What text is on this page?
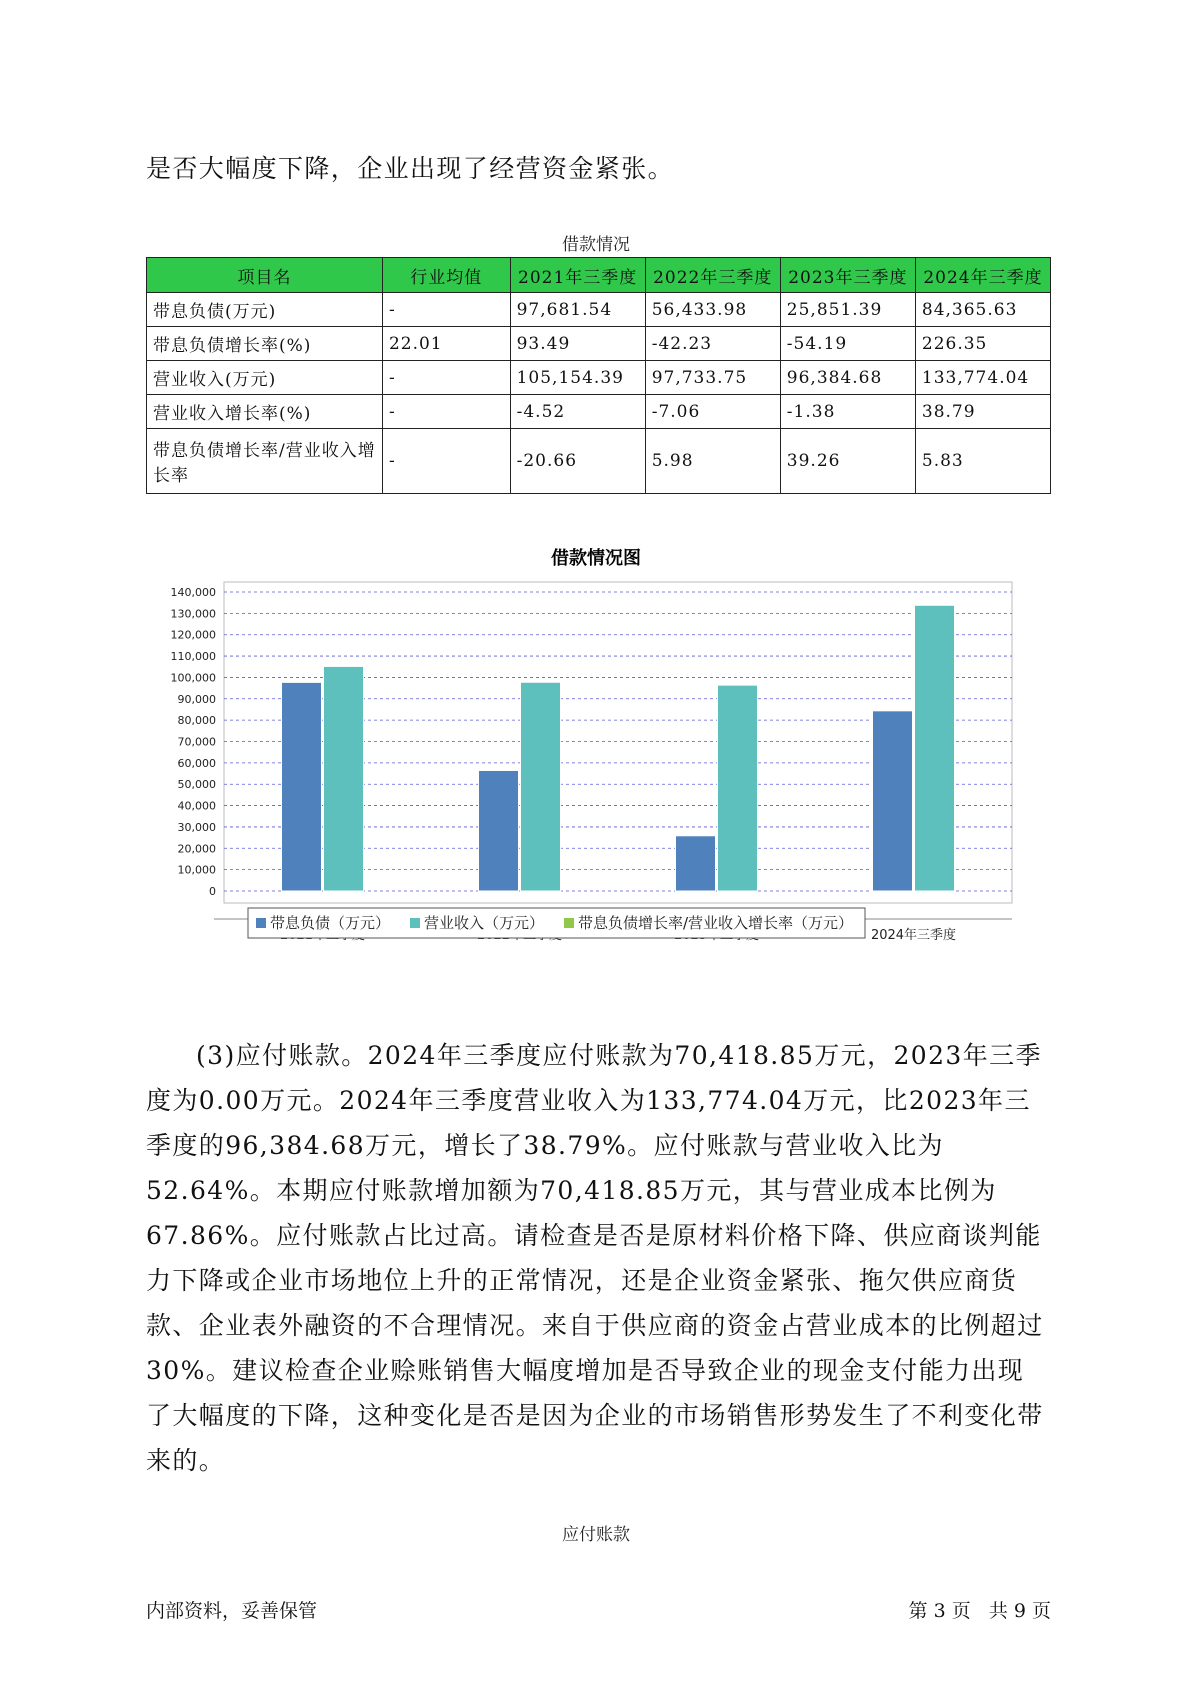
是否大幅度下降，企业出现了经营资金紧张。

借款情况
项目名	行业均值	2021年三季度	2022年三季度	2023年三季度	2024年三季度
带息负债(万元)	-	97,681.54	56,433.98	25,851.39	84,365.63
带息负债增长率(%)	22.01	93.49	-42.23	-54.19	226.35
营业收入(万元)	-	105,154.39	97,733.75	96,384.68	133,774.04
营业收入增长率(%)	-	-4.52	-7.06	-1.38	38.79
带息负债增长率/营业收入增长率	-	-20.66	5.98	39.26	5.83
借款情况图
0
10,000
20,000
30,000
40,000
50,000
60,000
70,000
80,000
90,000
100,000
110,000
120,000
130,000
140,000
2024年三季度
带息负债（万元） 营业收入（万元） 带息负债增长率/营业收入增长率（万元）

(3)应付账款。2024年三季度应付账款为70,418.85万元，2023年三季度为0.00万元。2024年三季度营业收入为133,774.04万元，比2023年三季度的96,384.68万元，增长了38.79%。应付账款与营业收入比为52.64%。本期应付账款增加额为70,418.85万元，其与营业成本比例为67.86%。应付账款占比过高。请检查是否是原材料价格下降、供应商谈判能力下降或企业市场地位上升的正常情况，还是企业资金紧张、拖欠供应商货款、企业表外融资的不合理情况。来自于供应商的资金占营业成本的比例超过30%。建议检查企业赊账销售大幅度增加是否导致企业的现金支付能力出现了大幅度的下降，这种变化是否是因为企业的市场销售形势发生了不利变化带来的。

应付账款
内部资料，妥善保管	第 3 页   共 9 页
